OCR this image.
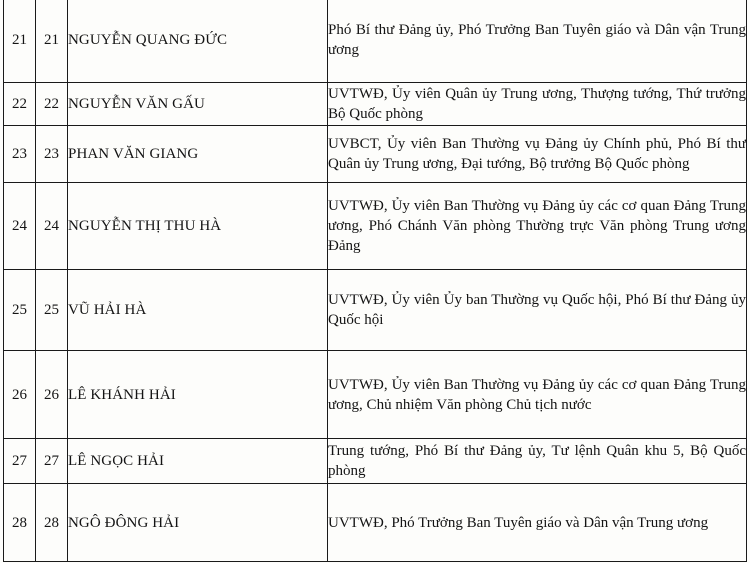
21	21	NGUYỄN QUANG ĐỨC	Phó Bí thư Đảng ủy, Phó Trưởng Ban Tuyên giáo và Dân vận Trung ương
22	22	NGUYỄN VĂN GẤU	UVTWĐ, Ủy viên Quân ủy Trung ương, Thượng tướng, Thứ trưởng Bộ Quốc phòng
23	23	PHAN VĂN GIANG	UVBCT, Ủy viên Ban Thường vụ Đảng ủy Chính phủ, Phó Bí thư Quân ủy Trung ương, Đại tướng, Bộ trưởng Bộ Quốc phòng
24	24	NGUYỄN THỊ THU HÀ	UVTWĐ, Ủy viên Ban Thường vụ Đảng ủy các cơ quan Đảng Trung ương, Phó Chánh Văn phòng Thường trực Văn phòng Trung ương Đảng
25	25	VŨ HẢI HÀ	UVTWĐ, Ủy viên Ủy ban Thường vụ Quốc hội, Phó Bí thư Đảng ủy Quốc hội
26	26	LÊ KHÁNH HẢI	UVTWĐ, Ủy viên Ban Thường vụ Đảng ủy các cơ quan Đảng Trung ương, Chủ nhiệm Văn phòng Chủ tịch nước
27	27	LÊ NGỌC HẢI	Trung tướng, Phó Bí thư Đảng ủy, Tư lệnh Quân khu 5, Bộ Quốc phòng
28	28	NGÔ ĐÔNG HẢI	UVTWĐ, Phó Trưởng Ban Tuyên giáo và Dân vận Trung ương
